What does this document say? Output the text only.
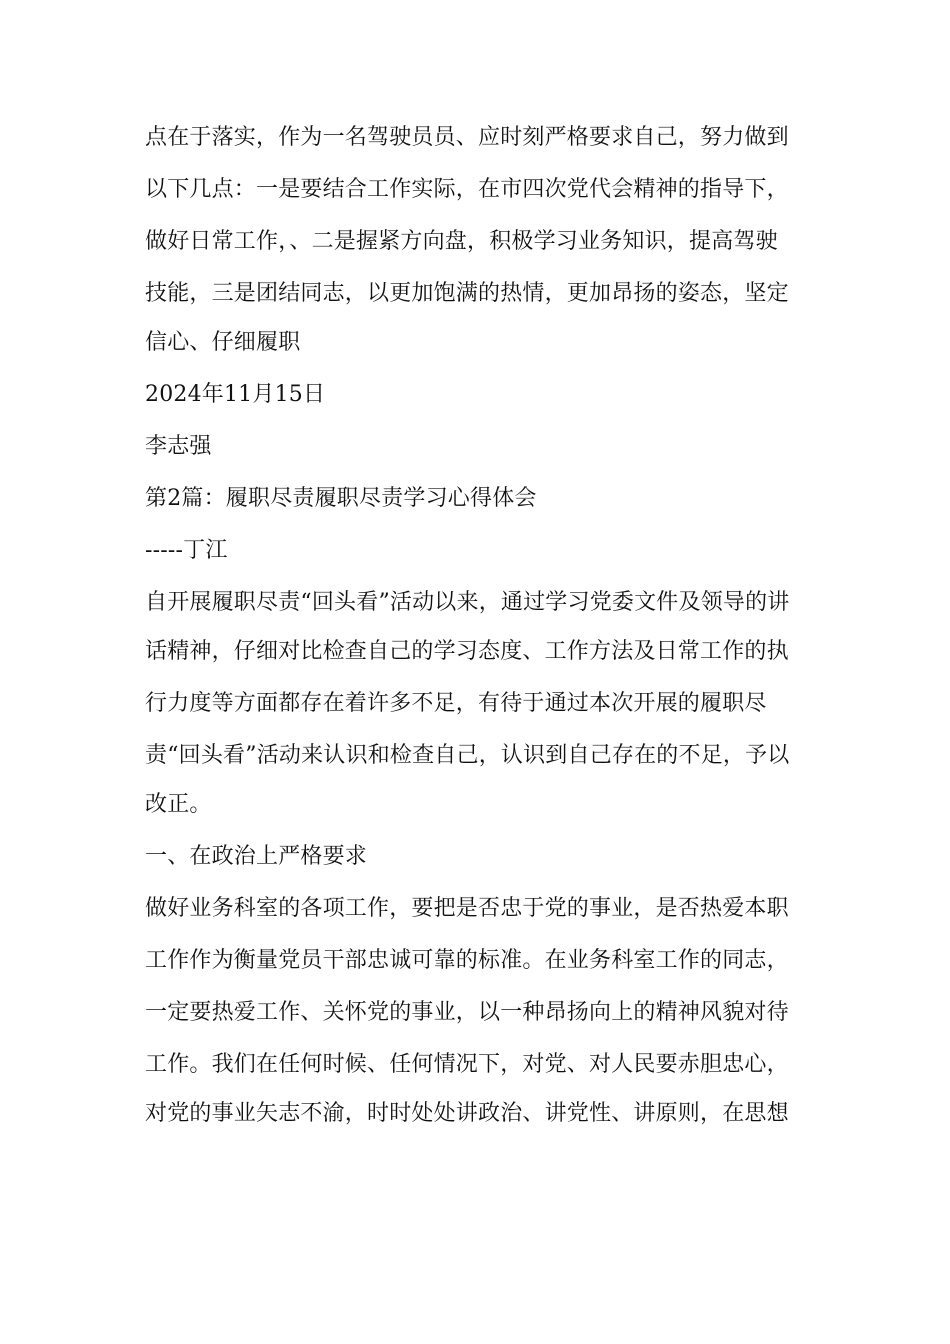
点在于落实，作为一名驾驶员员、应时刻严格要求自己，努力做到
以下几点：一是要结合工作实际，在市四次党代会精神的指导下，
做好日常工作，、二是握紧方向盘，积极学习业务知识，提高驾驶
技能，三是团结同志，以更加饱满的热情，更加昂扬的姿态，坚定
信心、仔细履职
2024年11月15日
李志强
第2篇：履职尽责履职尽责学习心得体会
-----丁江
自开展履职尽责“回头看”活动以来，通过学习党委文件及领导的讲
话精神，仔细对比检查自己的学习态度、工作方法及日常工作的执
行力度等方面都存在着许多不足，有待于通过本次开展的履职尽
责“回头看”活动来认识和检查自己，认识到自己存在的不足，予以
改正。
一、在政治上严格要求
做好业务科室的各项工作，要把是否忠于党的事业，是否热爱本职
工作作为衡量党员干部忠诚可靠的标准。在业务科室工作的同志，
一定要热爱工作、关怀党的事业，以一种昂扬向上的精神风貌对待
工作。我们在任何时候、任何情况下，对党、对人民要赤胆忠心，
对党的事业矢志不渝，时时处处讲政治、讲党性、讲原则，在思想
